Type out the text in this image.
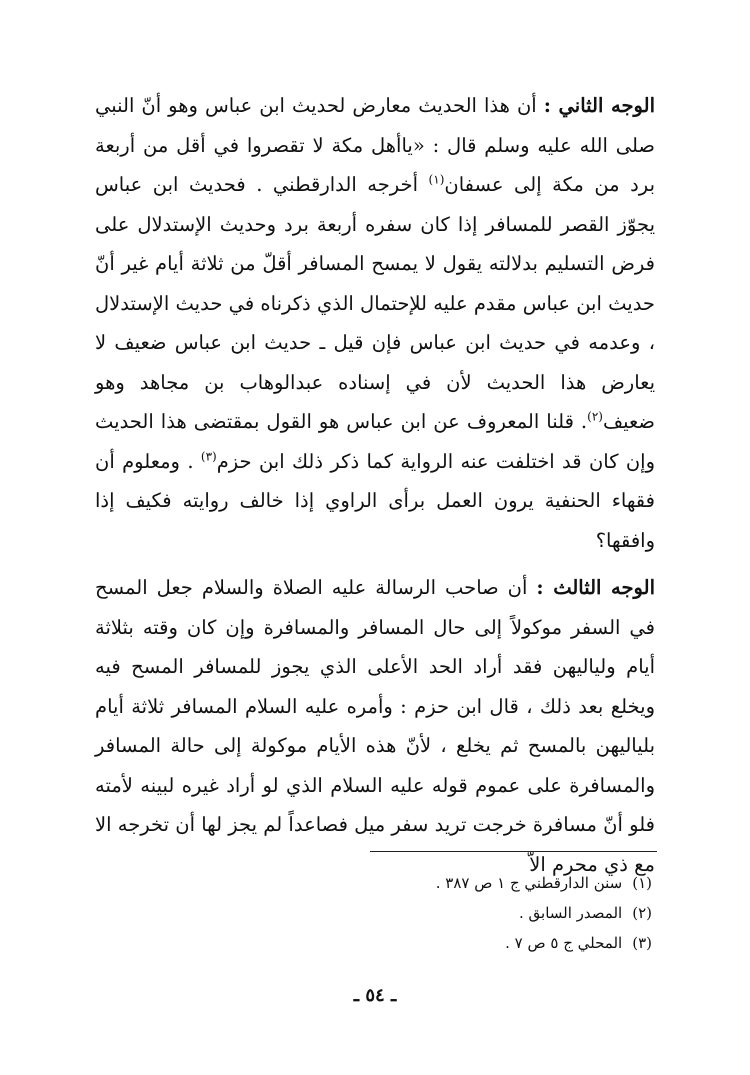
الوجه الثاني : أن هذا الحديث معارض لحديث ابن عباس وهو أنّ النبي صلى الله عليه وسلم قال : «ياأهل مكة لا تقصروا في أقل من أربعة برد من مكة إلى عسفان$^{(١)}$ أخرجه الدارقطني . فحديث ابن عباس يجوّز القصر للمسافر إذا كان سفره أربعة برد وحديث الإستدلال على فرض التسليم بدلالته يقول لا يمسح المسافر أقلّ من ثلاثة أيام غير أنّ حديث ابن عباس مقدم عليه للإحتمال الذي ذكرناه في حديث الإستدلال ، وعدمه في حديث ابن عباس فإن قيل ـ حديث ابن عباس ضعيف لا يعارض هذا الحديث لأن في إسناده عبدالوهاب بن مجاهد وهو ضعيف$^{(٢)}$. قلنا المعروف عن ابن عباس هو القول بمقتضى هذا الحديث وإن كان قد اختلفت عنه الرواية كما ذكر ذلك ابن حزم$^{(٣)}$ . ومعلوم أن فقهاء الحنفية يرون العمل برأى الراوي إذا خالف روايته فكيف إذا وافقها؟

الوجه الثالث : أن صاحب الرسالة عليه الصلاة والسلام جعل المسح في السفر موكولاً إلى حال المسافر والمسافرة وإن كان وقته بثلاثة أيام ولياليهن فقد أراد الحد الأعلى الذي يجوز للمسافر المسح فيه ويخلع بعد ذلك ، قال ابن حزم : وأمره عليه السلام المسافر ثلاثة أيام بلياليهن بالمسح ثم يخلع ، لأنّ هذه الأيام موكولة إلى حالة المسافر والمسافرة على عموم قوله عليه السلام الذي لو أراد غيره لبينه لأمته فلو أنّ مسافرة خرجت تريد سفر ميل فصاعداً لم يجز لها أن تخرجه الا مع ذي محرم الاّ

(١)سنن الدارقطني ج ١ ص ٣٨٧ .
(٢)المصدر السابق .
(٣)المحلي ج ٥ ص ٧ .
ـ ٥٤ ـ
